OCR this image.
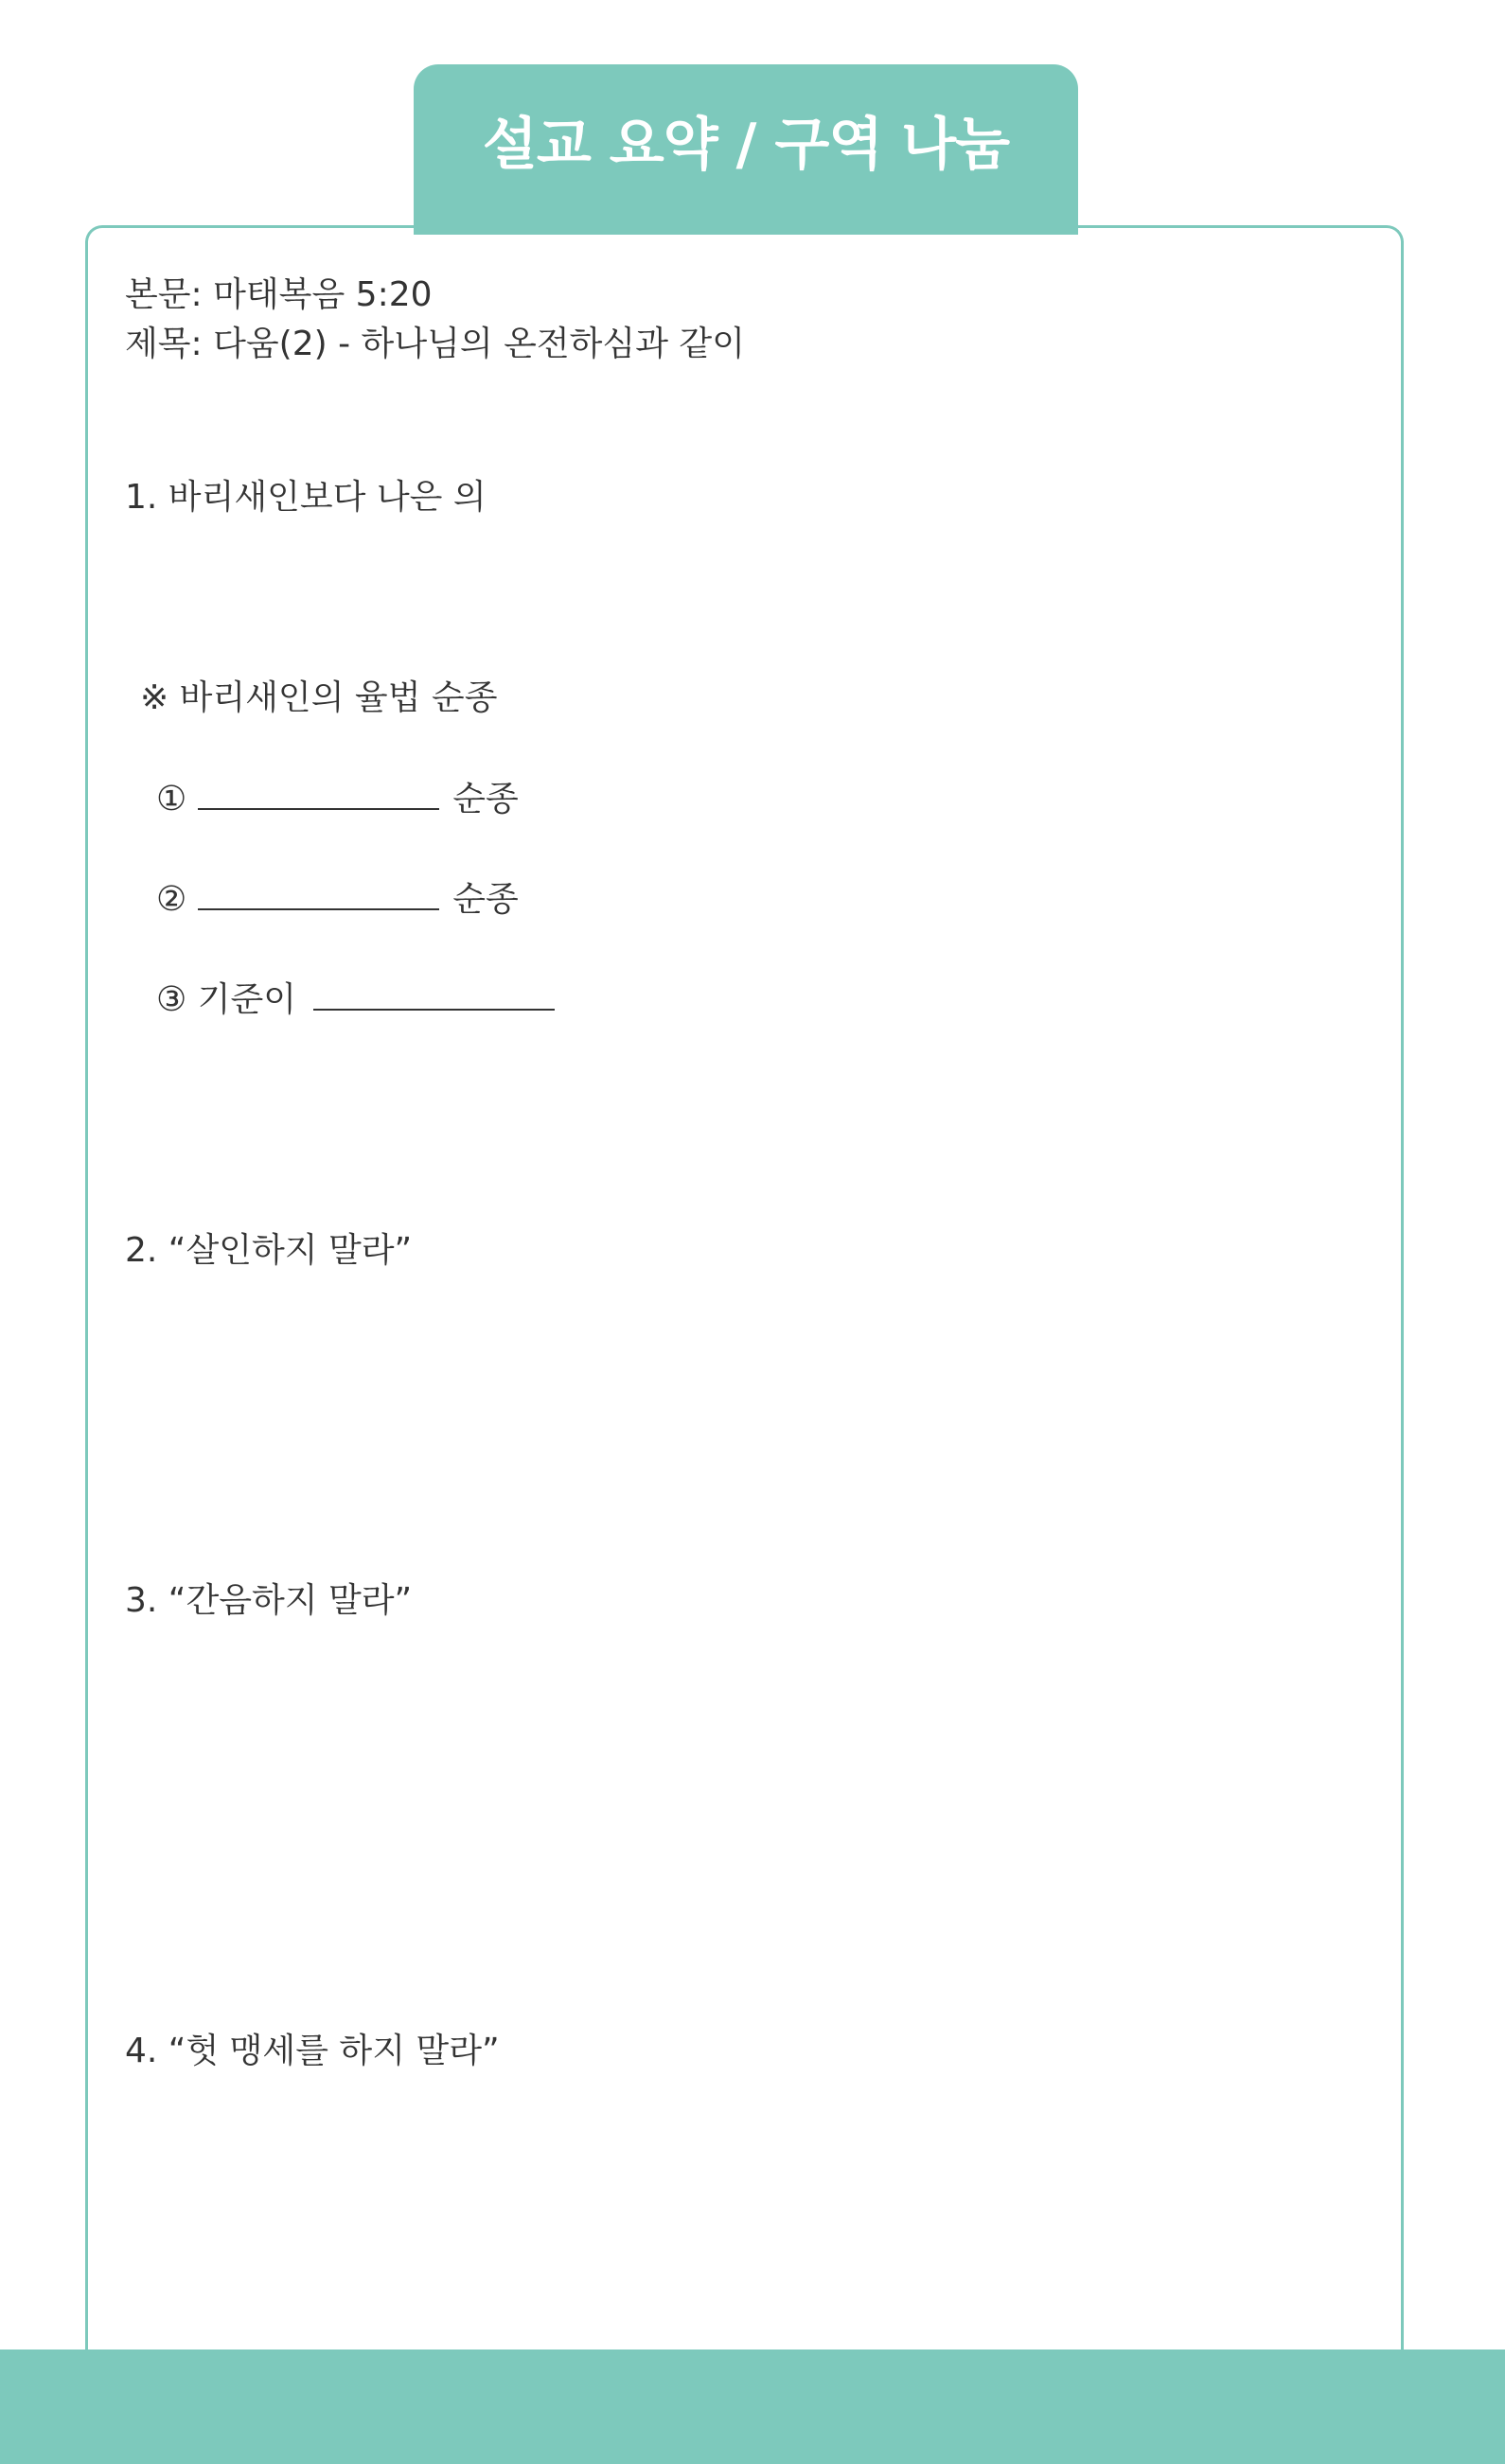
설교 요약 / 구역 나눔
본문: 마태복음 5:20
제목: 다움(2) - 하나님의 온전하심과 같이
1. 바리새인보다 나은 의
※ 바리새인의 율법 순종
①	순종
②	순종
③ 기준이
2. “살인하지 말라”
3. “간음하지 말라”
4. “헛 맹세를 하지 말라”
